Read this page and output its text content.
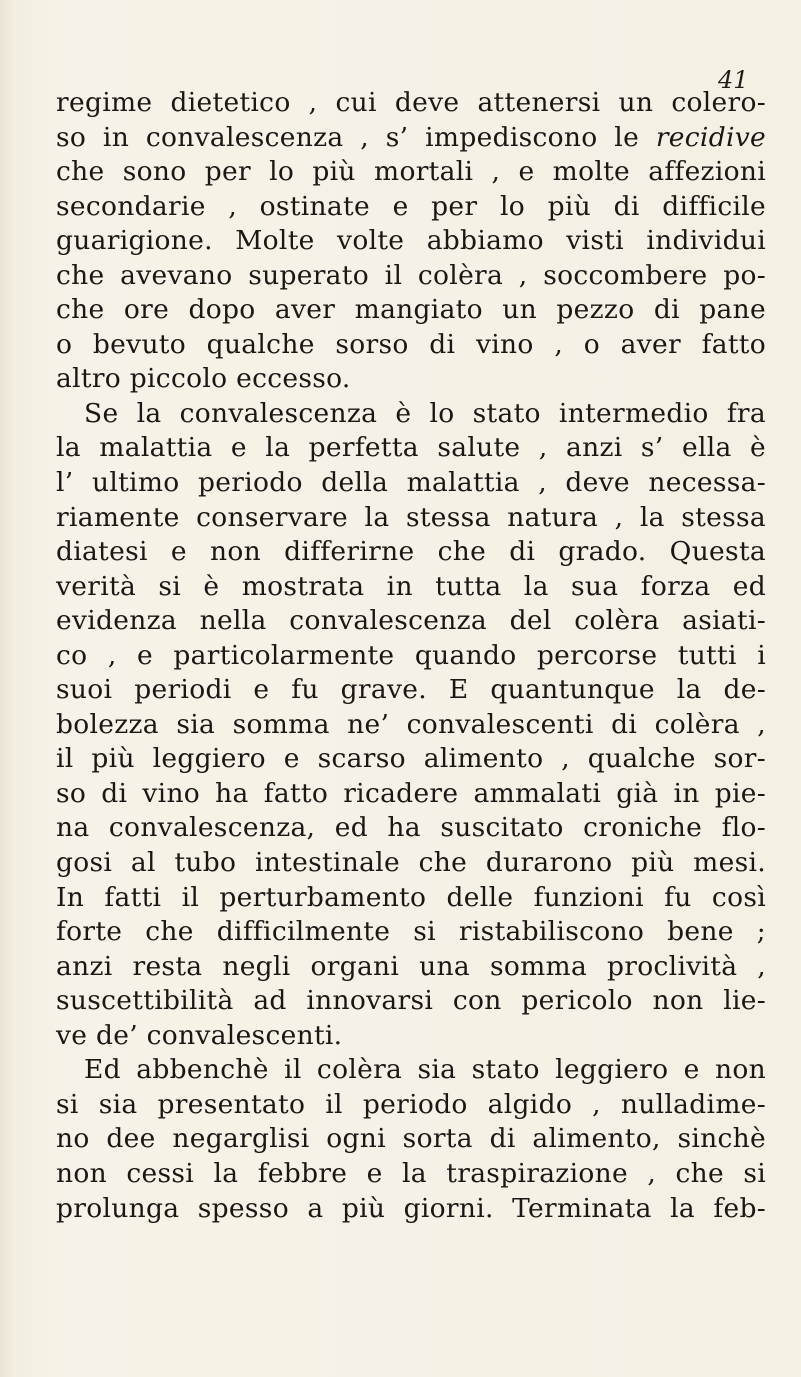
41
regime dietetico , cui deve attenersi un colero-
so in convalescenza , s’ impediscono le recidive
che sono per lo più mortali , e molte affezioni
secondarie , ostinate e per lo più di difficile
guarigione. Molte volte abbiamo visti individui
che avevano superato il colèra , soccombere po-
che ore dopo aver mangiato un pezzo di pane
o bevuto qualche sorso di vino , o aver fatto
altro piccolo eccesso.
Se la convalescenza è lo stato intermedio fra
la malattia e la perfetta salute , anzi s’ ella è
l’ ultimo periodo della malattia , deve necessa-
riamente conservare la stessa natura , la stessa
diatesi e non differirne che di grado. Questa
verità si è mostrata in tutta la sua forza ed
evidenza nella convalescenza del colèra asiati-
co , e particolarmente quando percorse tutti i
suoi periodi e fu grave. E quantunque la de-
bolezza sia somma ne’ convalescenti di colèra ,
il più leggiero e scarso alimento , qualche sor-
so di vino ha fatto ricadere ammalati già in pie-
na convalescenza, ed ha suscitato croniche flo-
gosi al tubo intestinale che durarono più mesi.
In fatti il perturbamento delle funzioni fu così
forte che difficilmente si ristabiliscono bene ;
anzi resta negli organi una somma proclività ,
suscettibilità ad innovarsi con pericolo non lie-
ve de’ convalescenti.
Ed abbenchè il colèra sia stato leggiero e non
si sia presentato il periodo algido , nulladime-
no dee negarglisi ogni sorta di alimento, sinchè
non cessi la febbre e la traspirazione , che si
prolunga spesso a più giorni. Terminata la feb-
